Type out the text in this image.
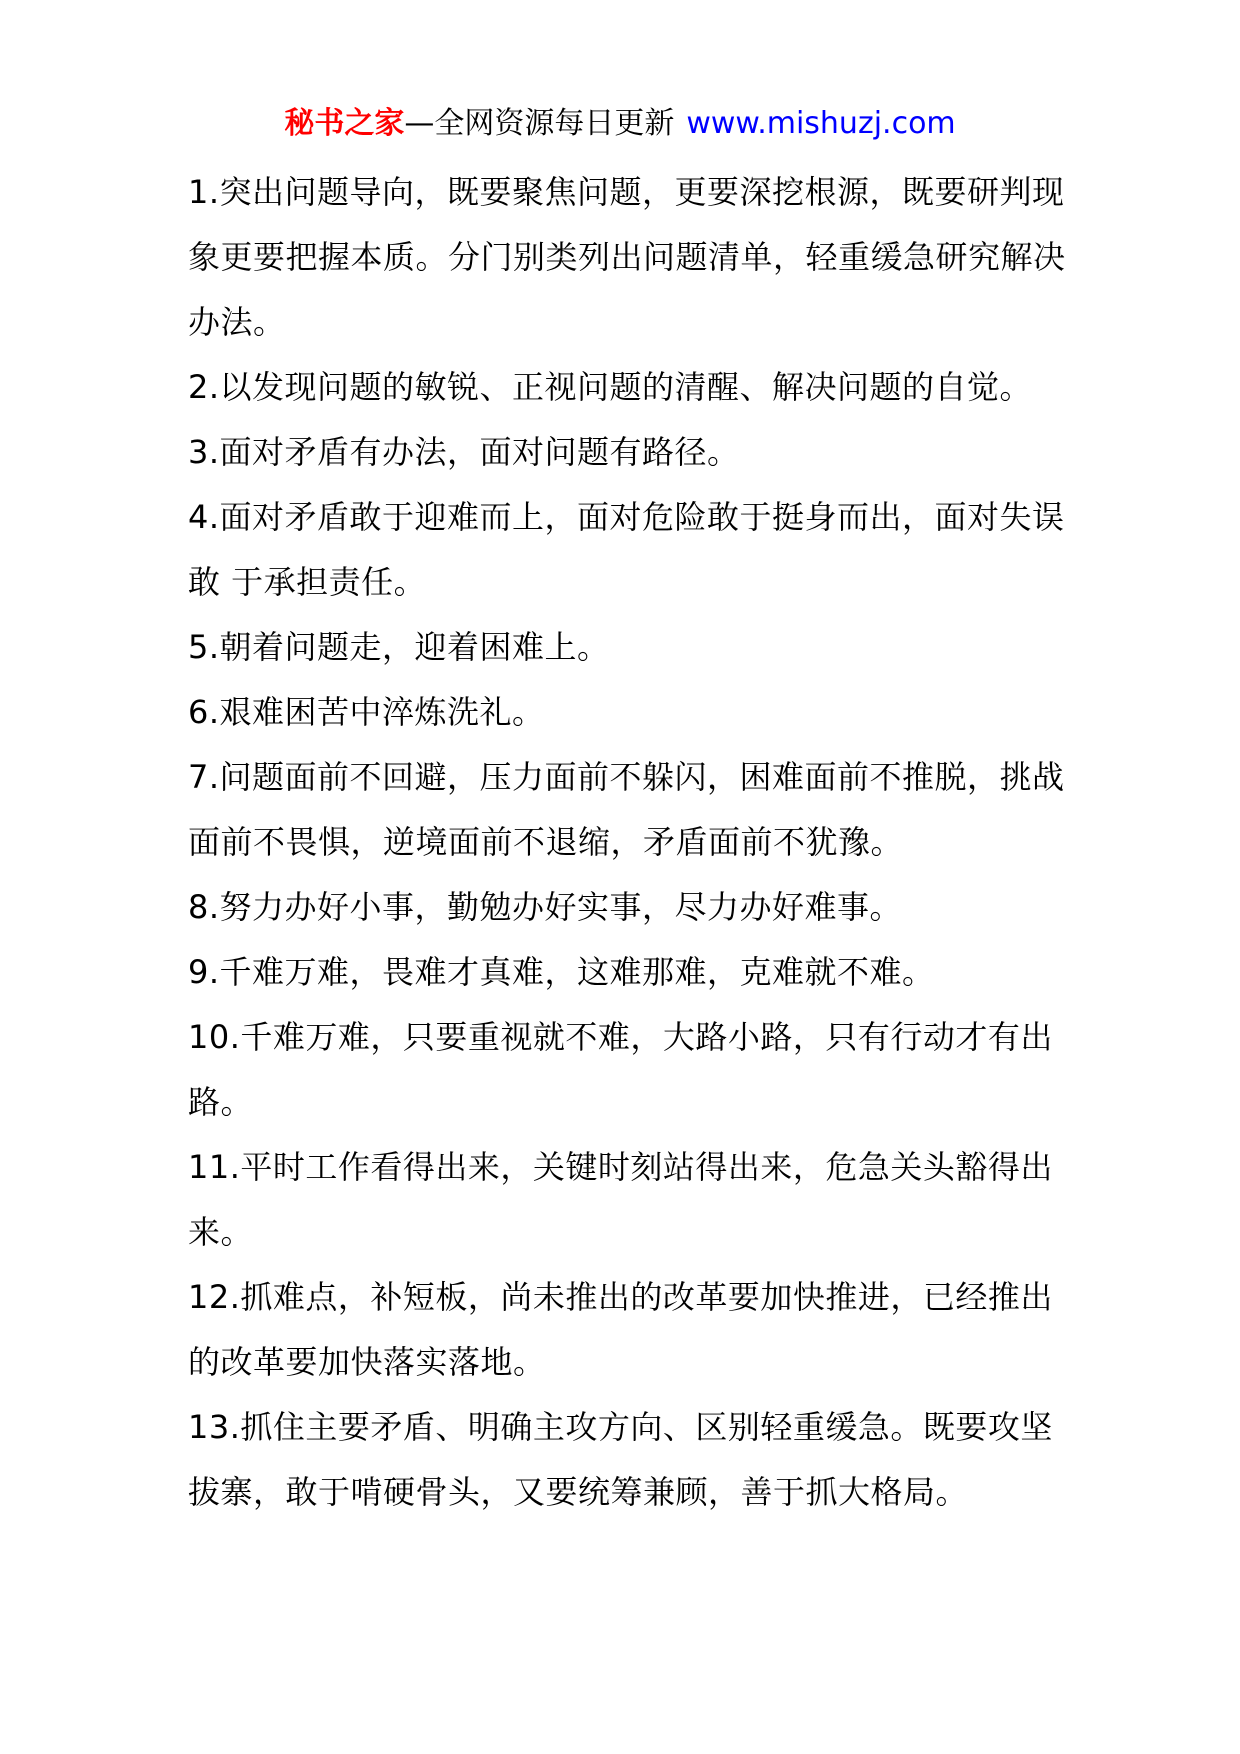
秘书之家—全网资源每日更新 www.mishuzj.com

1.突出问题导向，既要聚焦问题，更要深挖根源，既要研判现象更要把握本质。分门别类列出问题清单，轻重缓急研究解决办法。

2.以发现问题的敏锐、正视问题的清醒、解决问题的自觉。

3.面对矛盾有办法，面对问题有路径。

4.面对矛盾敢于迎难而上，面对危险敢于挺身而出，面对失误敢 于承担责任。

5.朝着问题走，迎着困难上。

6.艰难困苦中淬炼洗礼。

7.问题面前不回避，压力面前不躲闪，困难面前不推脱，挑战面前不畏惧，逆境面前不退缩，矛盾面前不犹豫。

8.努力办好小事，勤勉办好实事，尽力办好难事。

9.千难万难，畏难才真难，这难那难，克难就不难。

10.千难万难，只要重视就不难，大路小路，只有行动才有出路。

11.平时工作看得出来，关键时刻站得出来，危急关头豁得出来。

12.抓难点，补短板，尚未推出的改革要加快推进，已经推出的改革要加快落实落地。

13.抓住主要矛盾、明确主攻方向、区别轻重缓急。既要攻坚拔寨，敢于啃硬骨头，又要统筹兼顾，善于抓大格局。
